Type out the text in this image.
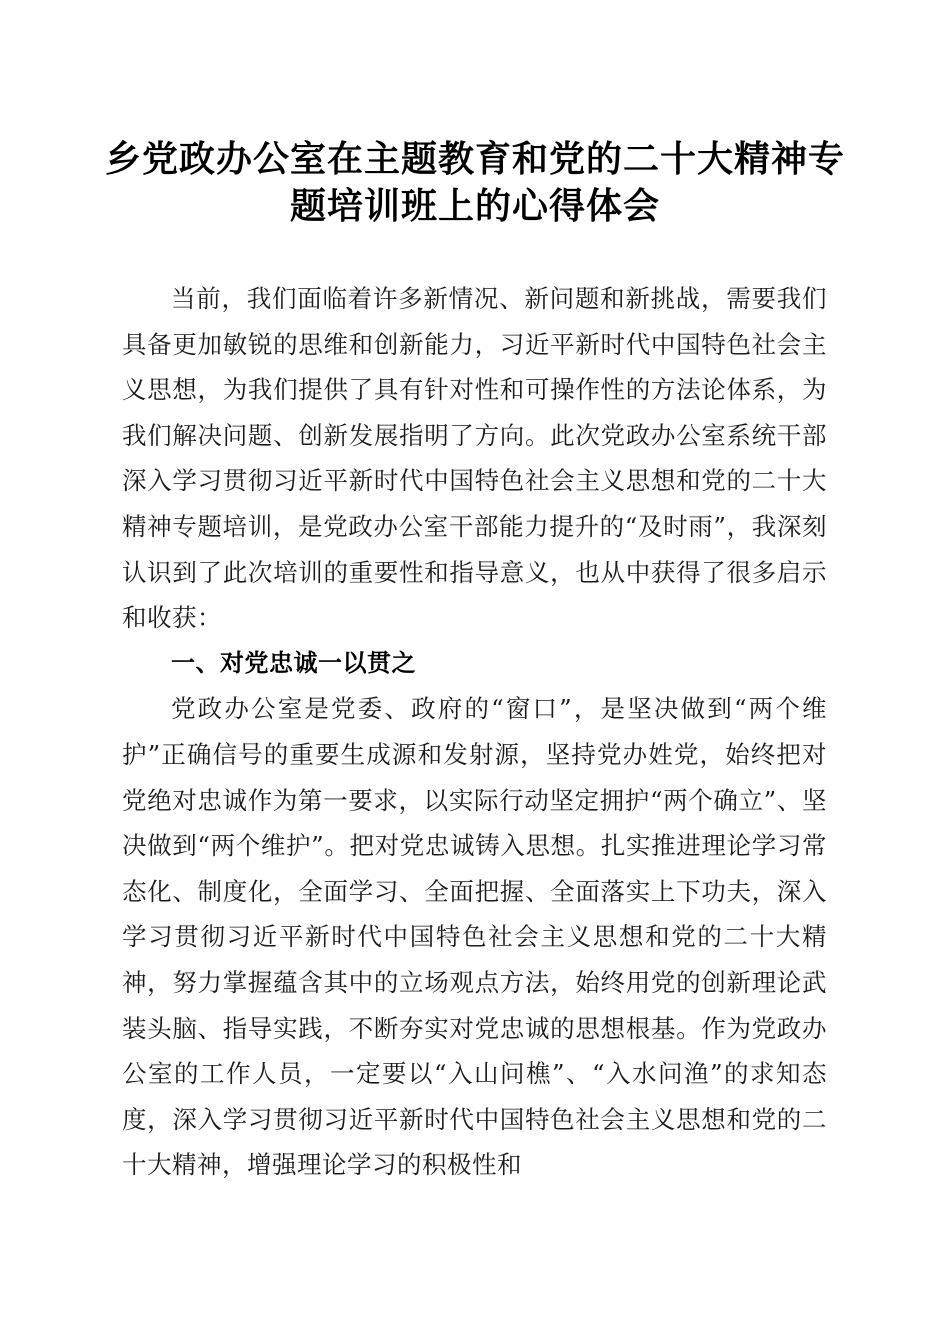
乡党政办公室在主题教育和党的二十大精神专题培训班上的心得体会

当前，我们面临着许多新情况、新问题和新挑战，需要我们具备更加敏锐的思维和创新能力，习近平新时代中国特色社会主义思想，为我们提供了具有针对性和可操作性的方法论体系，为我们解决问题、创新发展指明了方向。此次党政办公室系统干部深入学习贯彻习近平新时代中国特色社会主义思想和党的二十大精神专题培训，是党政办公室干部能力提升的“及时雨”，我深刻认识到了此次培训的重要性和指导意义，也从中获得了很多启示和收获：

一、对党忠诚一以贯之

党政办公室是党委、政府的“窗口”，是坚决做到“两个维护”正确信号的重要生成源和发射源，坚持党办姓党，始终把对党绝对忠诚作为第一要求，以实际行动坚定拥护“两个确立”、坚决做到“两个维护”。把对党忠诚铸入思想。扎实推进理论学习常态化、制度化，全面学习、全面把握、全面落实上下功夫，深入学习贯彻习近平新时代中国特色社会主义思想和党的二十大精神，努力掌握蕴含其中的立场观点方法，始终用党的创新理论武装头脑、指导实践，不断夯实对党忠诚的思想根基。作为党政办公室的工作人员，一定要以“入山问樵”、“入水问渔”的求知态度，深入学习贯彻习近平新时代中国特色社会主义思想和党的二十大精神，增强理论学习的积极性和
